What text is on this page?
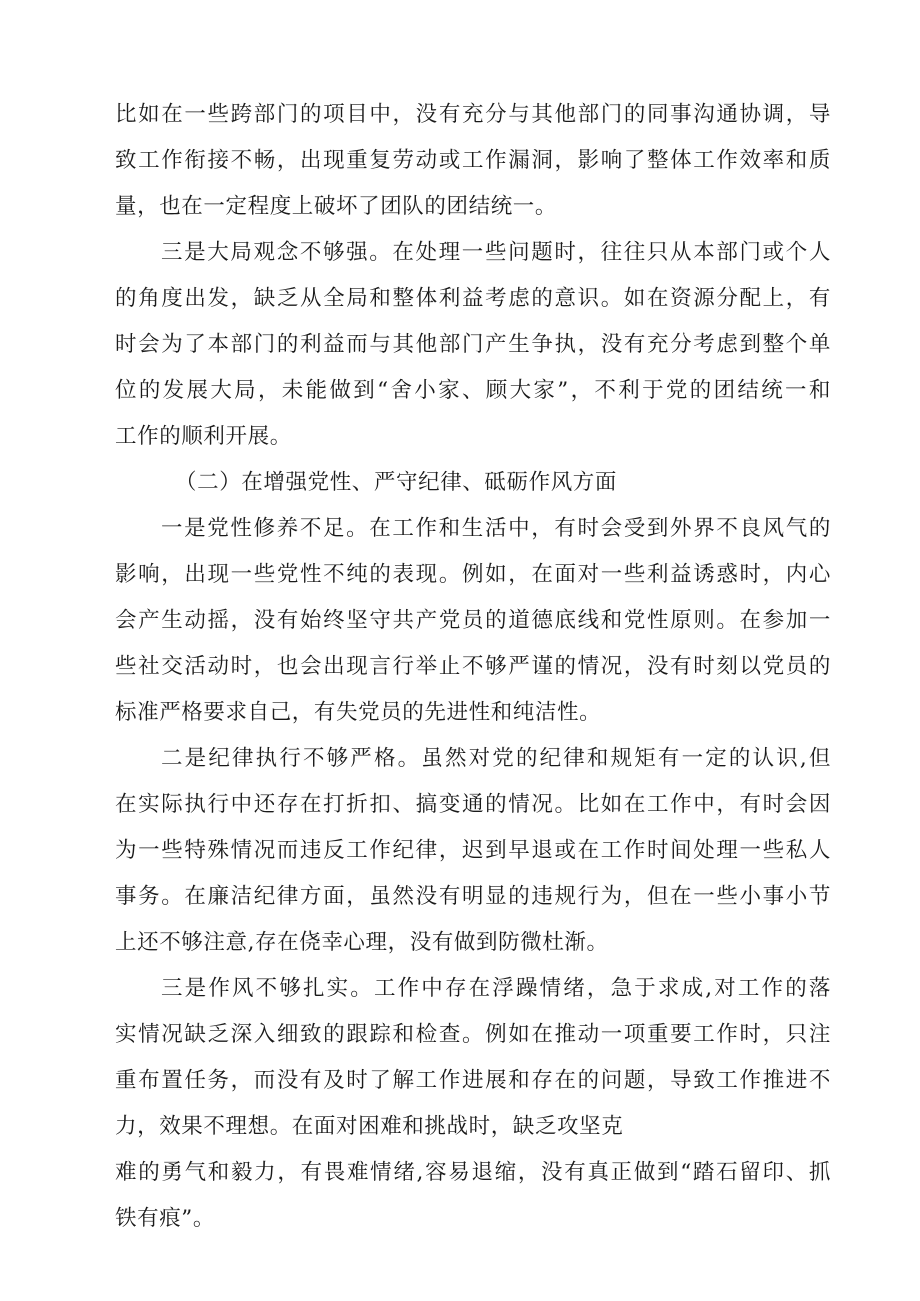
比如在一些跨部门的项目中，没有充分与其他部门的同事沟通协调，导
致工作衔接不畅，出现重复劳动或工作漏洞，影响了整体工作效率和质
量，也在一定程度上破坏了团队的团结统一。
三是大局观念不够强。在处理一些问题时，往往只从本部门或个人
的角度出发，缺乏从全局和整体利益考虑的意识。如在资源分配上，有
时会为了本部门的利益而与其他部门产生争执，没有充分考虑到整个单
位的发展大局，未能做到“舍小家、顾大家”，不利于党的团结统一和
工作的顺利开展。
（二）在增强党性、严守纪律、砥砺作风方面
一是党性修养不足。在工作和生活中，有时会受到外界不良风气的
影响，出现一些党性不纯的表现。例如，在面对一些利益诱惑时，内心
会产生动摇，没有始终坚守共产党员的道德底线和党性原则。在参加一
些社交活动时，也会出现言行举止不够严谨的情况，没有时刻以党员的
标准严格要求自己，有失党员的先进性和纯洁性。
二是纪律执行不够严格。虽然对党的纪律和规矩有一定的认识,但
在实际执行中还存在打折扣、搞变通的情况。比如在工作中，有时会因
为一些特殊情况而违反工作纪律，迟到早退或在工作时间处理一些私人
事务。在廉洁纪律方面，虽然没有明显的违规行为，但在一些小事小节
上还不够注意,存在侥幸心理，没有做到防微杜渐。
三是作风不够扎实。工作中存在浮躁情绪，急于求成,对工作的落
实情况缺乏深入细致的跟踪和检查。例如在推动一项重要工作时，只注
重布置任务，而没有及时了解工作进展和存在的问题，导致工作推进不
力，效果不理想。在面对困难和挑战时，缺乏攻坚克
难的勇气和毅力，有畏难情绪,容易退缩，没有真正做到“踏石留印、抓
铁有痕”。
